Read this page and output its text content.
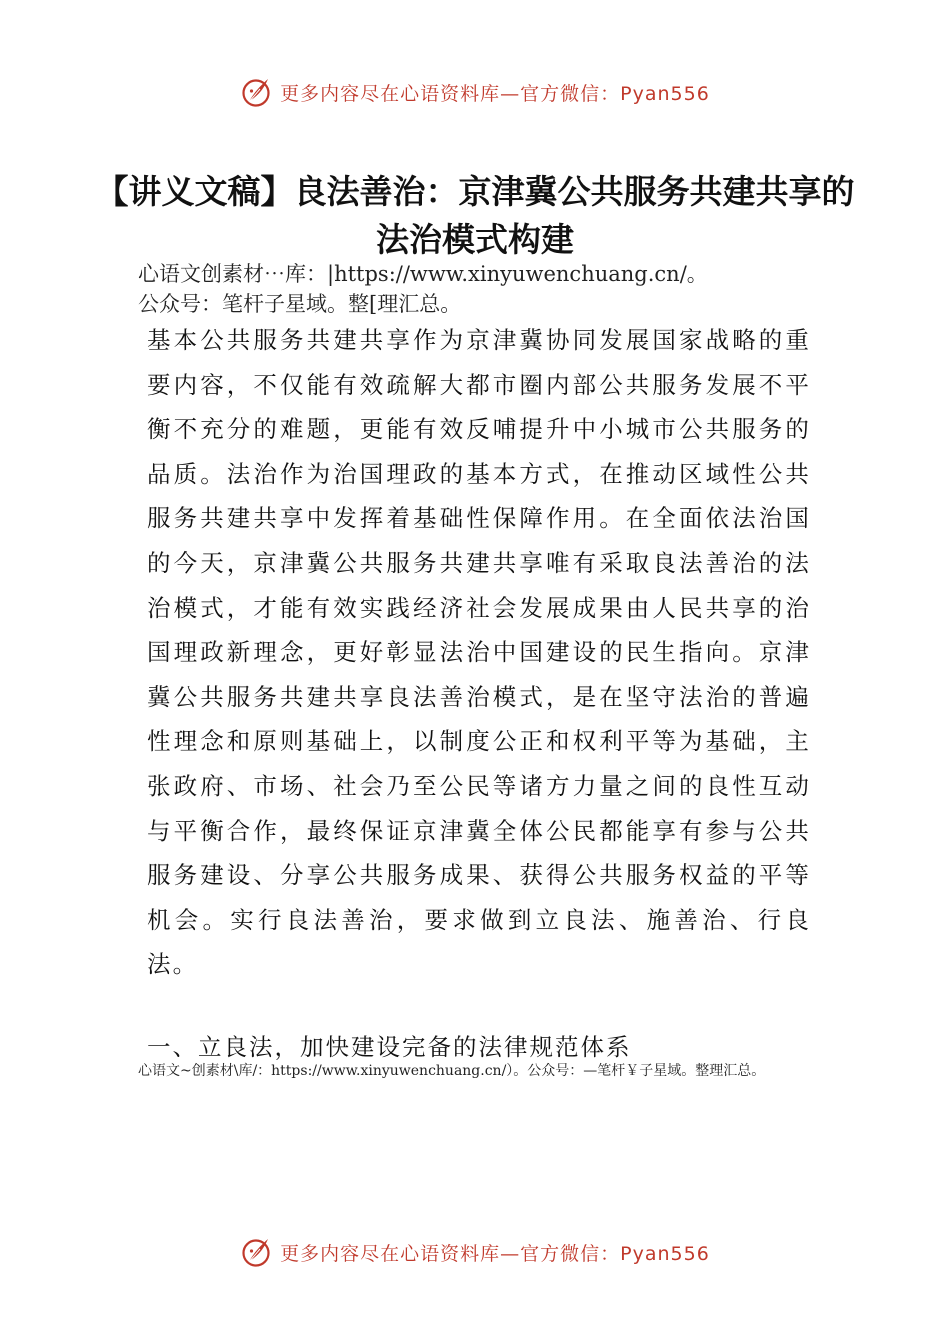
更多内容尽在心语资料库—官方微信：Pyan556
【讲义文稿】良法善治：京津冀公共服务共建共享的法治模式构建
心语文创素材⋯库：|https://www.xinyuwenchuang.cn/。
公众号：笔杆子星域。整[理汇总。

基本公共服务共建共享作为京津冀协同发展国家战略的重要内容，不仅能有效疏解大都市圈内部公共服务发展不平衡不充分的难题，更能有效反哺提升中小城市公共服务的品质。法治作为治国理政的基本方式，在推动区域性公共服务共建共享中发挥着基础性保障作用。在全面依法治国的今天，京津冀公共服务共建共享唯有采取良法善治的法治模式，才能有效实践经济社会发展成果由人民共享的治国理政新理念，更好彰显法治中国建设的民生指向。京津冀公共服务共建共享良法善治模式，是在坚守法治的普遍性理念和原则基础上，以制度公正和权利平等为基础，主张政府、市场、社会乃至公民等诸方力量之间的良性互动与平衡合作，最终保证京津冀全体公民都能享有参与公共服务建设、分享公共服务成果、获得公共服务权益的平等机会。实行良法善治，要求做到立良法、施善治、行良法。

一、立良法，加快建设完备的法律规范体系

心语文~创素材\库/：https://www.xinyuwenchuang.cn/）。公众号：—笔杆￥子星域。整理汇总。

更多内容尽在心语资料库—官方微信：Pyan556
